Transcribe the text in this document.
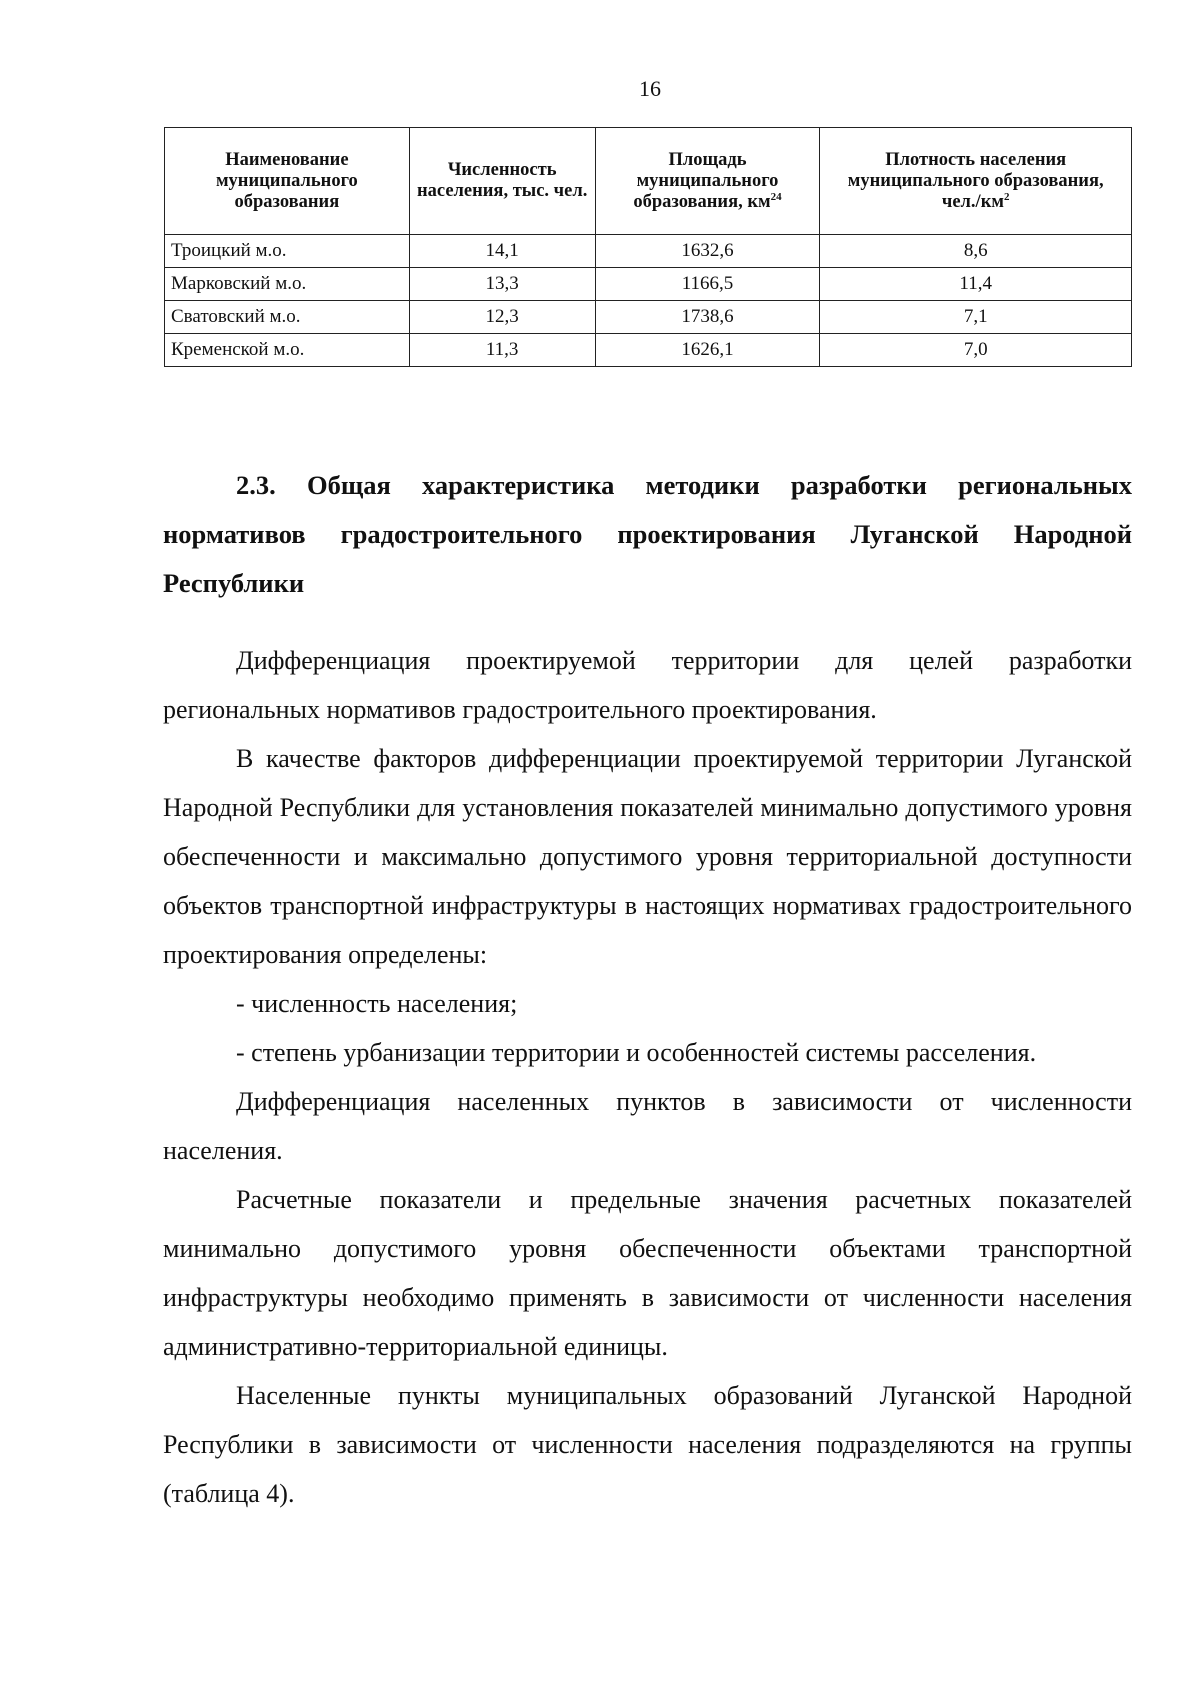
16
Наименование муниципального образования	Численность населения, тыс. чел.	Площадь муниципального образования, $км^{24}$	Плотность населения муниципального образования, $чел./км^2$
Троицкий м.о.	14,1	1632,6	8,6
Марковский м.о.	13,3	1166,5	11,4
Сватовский м.о.	12,3	1738,6	7,1
Кременской м.о.	11,3	1626,1	7,0
2.3. Общая характеристика методики разработки региональных нормативов градостроительного проектирования Луганской Народной Республики

Дифференциация проектируемой территории для целей разработки региональных нормативов градостроительного проектирования.

В качестве факторов дифференциации проектируемой территории Луганской Народной Республики для установления показателей минимально допустимого уровня обеспеченности и максимально допустимого уровня территориальной доступности объектов транспортной инфраструктуры в настоящих нормативах градостроительного проектирования определены:

- численность населения;

- степень урбанизации территории и особенностей системы расселения.

Дифференциация населенных пунктов в зависимости от численности населения.

Расчетные показатели и предельные значения расчетных показателей минимально допустимого уровня обеспеченности объектами транспортной инфраструктуры необходимо применять в зависимости от численности населения административно-территориальной единицы.

Населенные пункты муниципальных образований Луганской Народной Республики в зависимости от численности населения подразделяются на группы (таблица 4).
